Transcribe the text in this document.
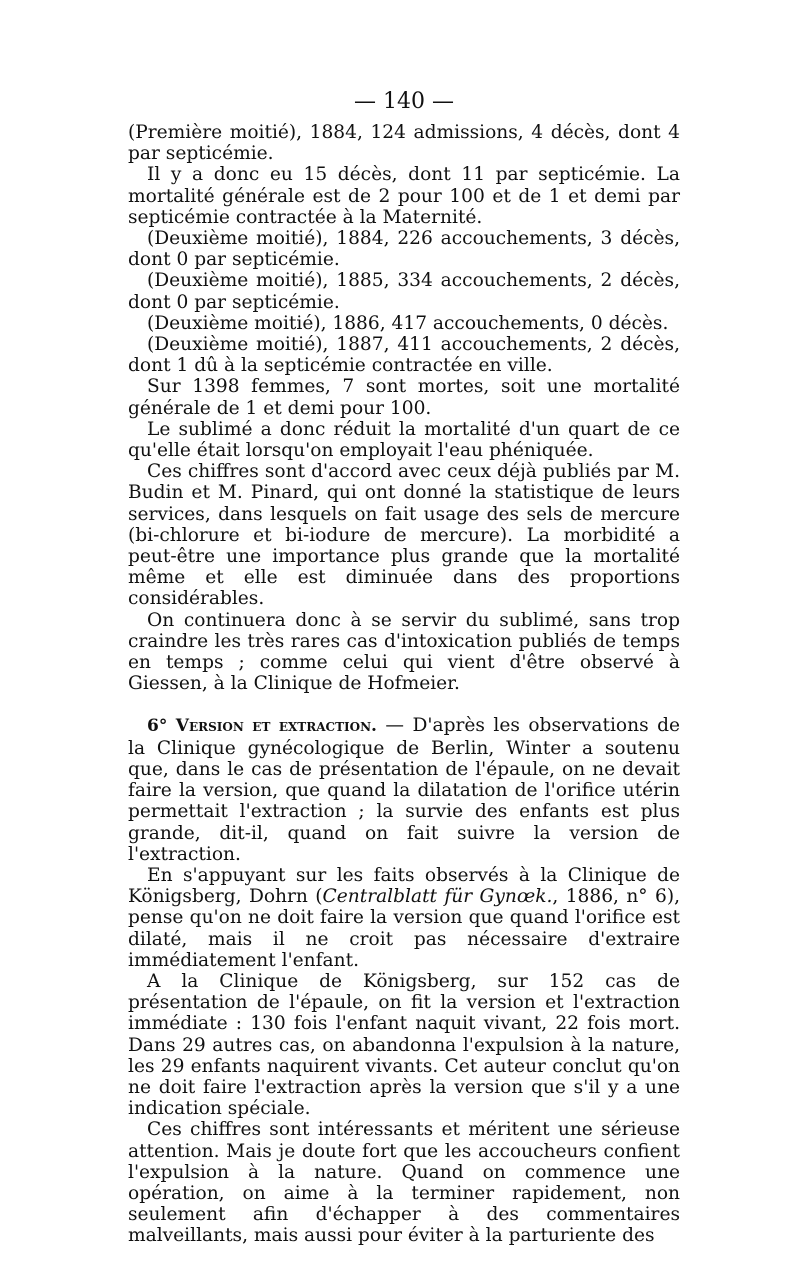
— 140 —

(Première moitié), 1884, 124 admissions, 4 décès, dont 4 par septicémie.

Il y a donc eu 15 décès, dont 11 par septicémie. La mortalité générale est de 2 pour 100 et de 1 et demi par septicémie contractée à la Maternité.

(Deuxième moitié), 1884, 226 accouchements, 3 décès, dont 0 par septicémie.

(Deuxième moitié), 1885, 334 accouchements, 2 décès, dont 0 par septicémie.

(Deuxième moitié), 1886, 417 accouchements, 0 décès.

(Deuxième moitié), 1887, 411 accouchements, 2 décès, dont 1 dû à la septicémie contractée en ville.

Sur 1398 femmes, 7 sont mortes, soit une mortalité générale de 1 et demi pour 100.

Le sublimé a donc réduit la mortalité d'un quart de ce qu'elle était lorsqu'on employait l'eau phéniquée.

Ces chiffres sont d'accord avec ceux déjà publiés par M. Budin et M. Pinard, qui ont donné la statistique de leurs services, dans lesquels on fait usage des sels de mercure (bi-chlorure et bi-iodure de mercure). La morbidité a peut-être une importance plus grande que la mortalité même et elle est diminuée dans des proportions considérables.

On continuera donc à se servir du sublimé, sans trop craindre les très rares cas d'intoxication publiés de temps en temps ; comme celui qui vient d'être observé à Giessen, à la Clinique de Hofmeier.

6° Version et extraction. — D'après les observations de la Clinique gynécologique de Berlin, Winter a soutenu que, dans le cas de présentation de l'épaule, on ne devait faire la version, que quand la dilatation de l'orifice utérin permettait l'extraction ; la survie des enfants est plus grande, dit-il, quand on fait suivre la version de l'extraction.

En s'appuyant sur les faits observés à la Clinique de Königsberg, Dohrn (Centralblatt für Gynœk., 1886, n° 6), pense qu'on ne doit faire la version que quand l'orifice est dilaté, mais il ne croit pas nécessaire d'extraire immédiatement l'enfant.

A la Clinique de Königsberg, sur 152 cas de présentation de l'épaule, on fit la version et l'extraction immédiate : 130 fois l'enfant naquit vivant, 22 fois mort. Dans 29 autres cas, on abandonna l'expulsion à la nature, les 29 enfants naquirent vivants. Cet auteur conclut qu'on ne doit faire l'extraction après la version que s'il y a une indication spéciale.

Ces chiffres sont intéressants et méritent une sérieuse attention. Mais je doute fort que les accoucheurs confient l'expulsion à la nature. Quand on commence une opération, on aime à la terminer rapidement, non seulement afin d'échapper à des commentaires malveillants, mais aussi pour éviter à la parturiente des
